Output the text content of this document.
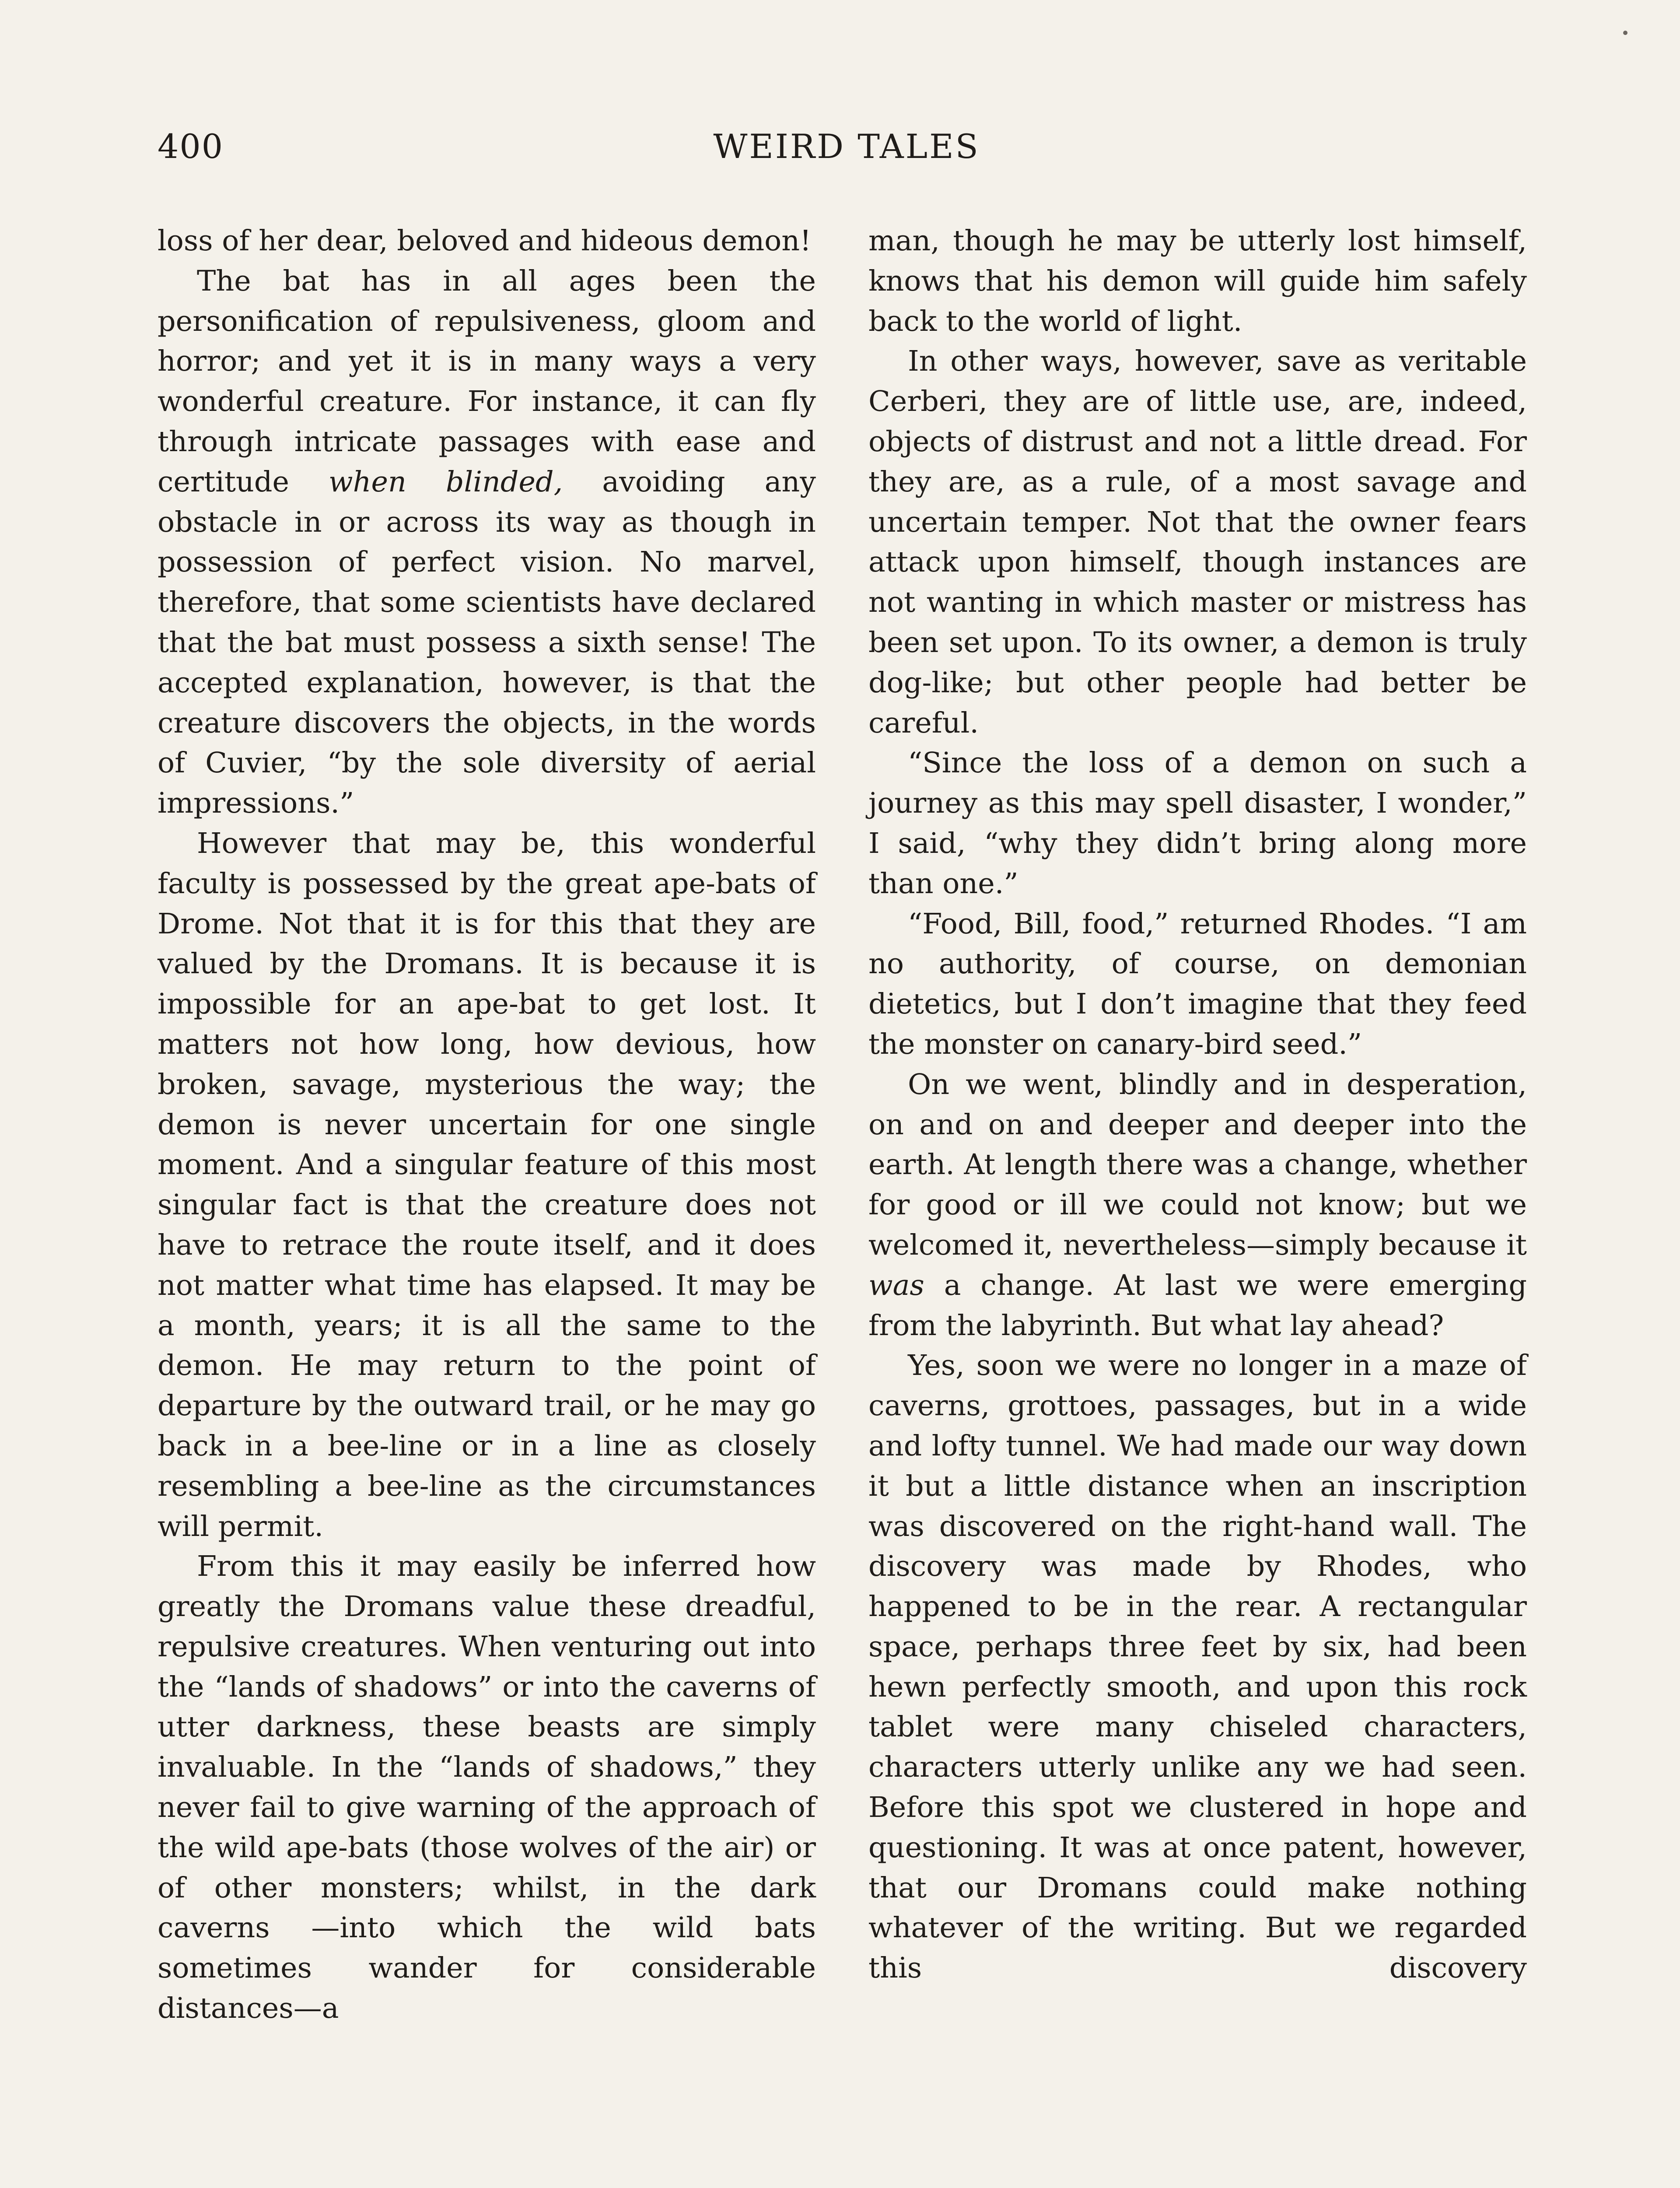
400	WEIRD TALES

loss of her dear, beloved and hideous demon!

The bat has in all ages been the personification of repulsiveness, gloom and horror; and yet it is in many ways a very wonderful creature. For instance, it can fly through intricate passages with ease and certitude when blinded, avoiding any obstacle in or across its way as though in possession of perfect vision. No marvel, therefore, that some scientists have declared that the bat must possess a sixth sense! The accepted explanation, however, is that the creature discovers the objects, in the words of Cuvier, “by the sole diversity of aerial impressions.”

However that may be, this wonderful faculty is possessed by the great ape-bats of Drome. Not that it is for this that they are valued by the Dromans. It is because it is impossible for an ape-bat to get lost. It matters not how long, how devious, how broken, savage, mysterious the way; the demon is never uncertain for one single moment. And a singular feature of this most singular fact is that the creature does not have to retrace the route itself, and it does not matter what time has elapsed. It may be a month, years; it is all the same to the demon. He may return to the point of departure by the outward trail, or he may go back in a bee-line or in a line as closely resembling a bee-line as the circumstances will permit.

From this it may easily be inferred how greatly the Dromans value these dreadful, repulsive creatures. When venturing out into the “lands of shadows” or into the caverns of utter darkness, these beasts are simply invaluable. In the “lands of shadows,” they never fail to give warning of the approach of the wild ape-bats (those wolves of the air) or of other monsters; whilst, in the dark caverns —into which the wild bats sometimes wander for considerable distances—a

man, though he may be utterly lost himself, knows that his demon will guide him safely back to the world of light.

In other ways, however, save as veritable Cerberi, they are of little use, are, indeed, objects of distrust and not a little dread. For they are, as a rule, of a most savage and uncertain temper. Not that the owner fears attack upon himself, though instances are not wanting in which master or mistress has been set upon. To its owner, a demon is truly dog-like; but other people had better be careful.

“Since the loss of a demon on such a journey as this may spell disaster, I wonder,” I said, “why they didn’t bring along more than one.”

“Food, Bill, food,” returned Rhodes. “I am no authority, of course, on demonian dietetics, but I don’t imagine that they feed the monster on canary-bird seed.”

On we went, blindly and in desperation, on and on and deeper and deeper into the earth. At length there was a change, whether for good or ill we could not know; but we welcomed it, nevertheless—simply because it was a change. At last we were emerging from the labyrinth. But what lay ahead?

Yes, soon we were no longer in a maze of caverns, grottoes, passages, but in a wide and lofty tunnel. We had made our way down it but a little distance when an inscription was discovered on the right-hand wall. The discovery was made by Rhodes, who happened to be in the rear. A rectangular space, perhaps three feet by six, had been hewn perfectly smooth, and upon this rock tablet were many chiseled characters, characters utterly unlike any we had seen. Before this spot we clustered in hope and questioning. It was at once patent, however, that our Dromans could make nothing whatever of the writing. But we regarded this discovery
